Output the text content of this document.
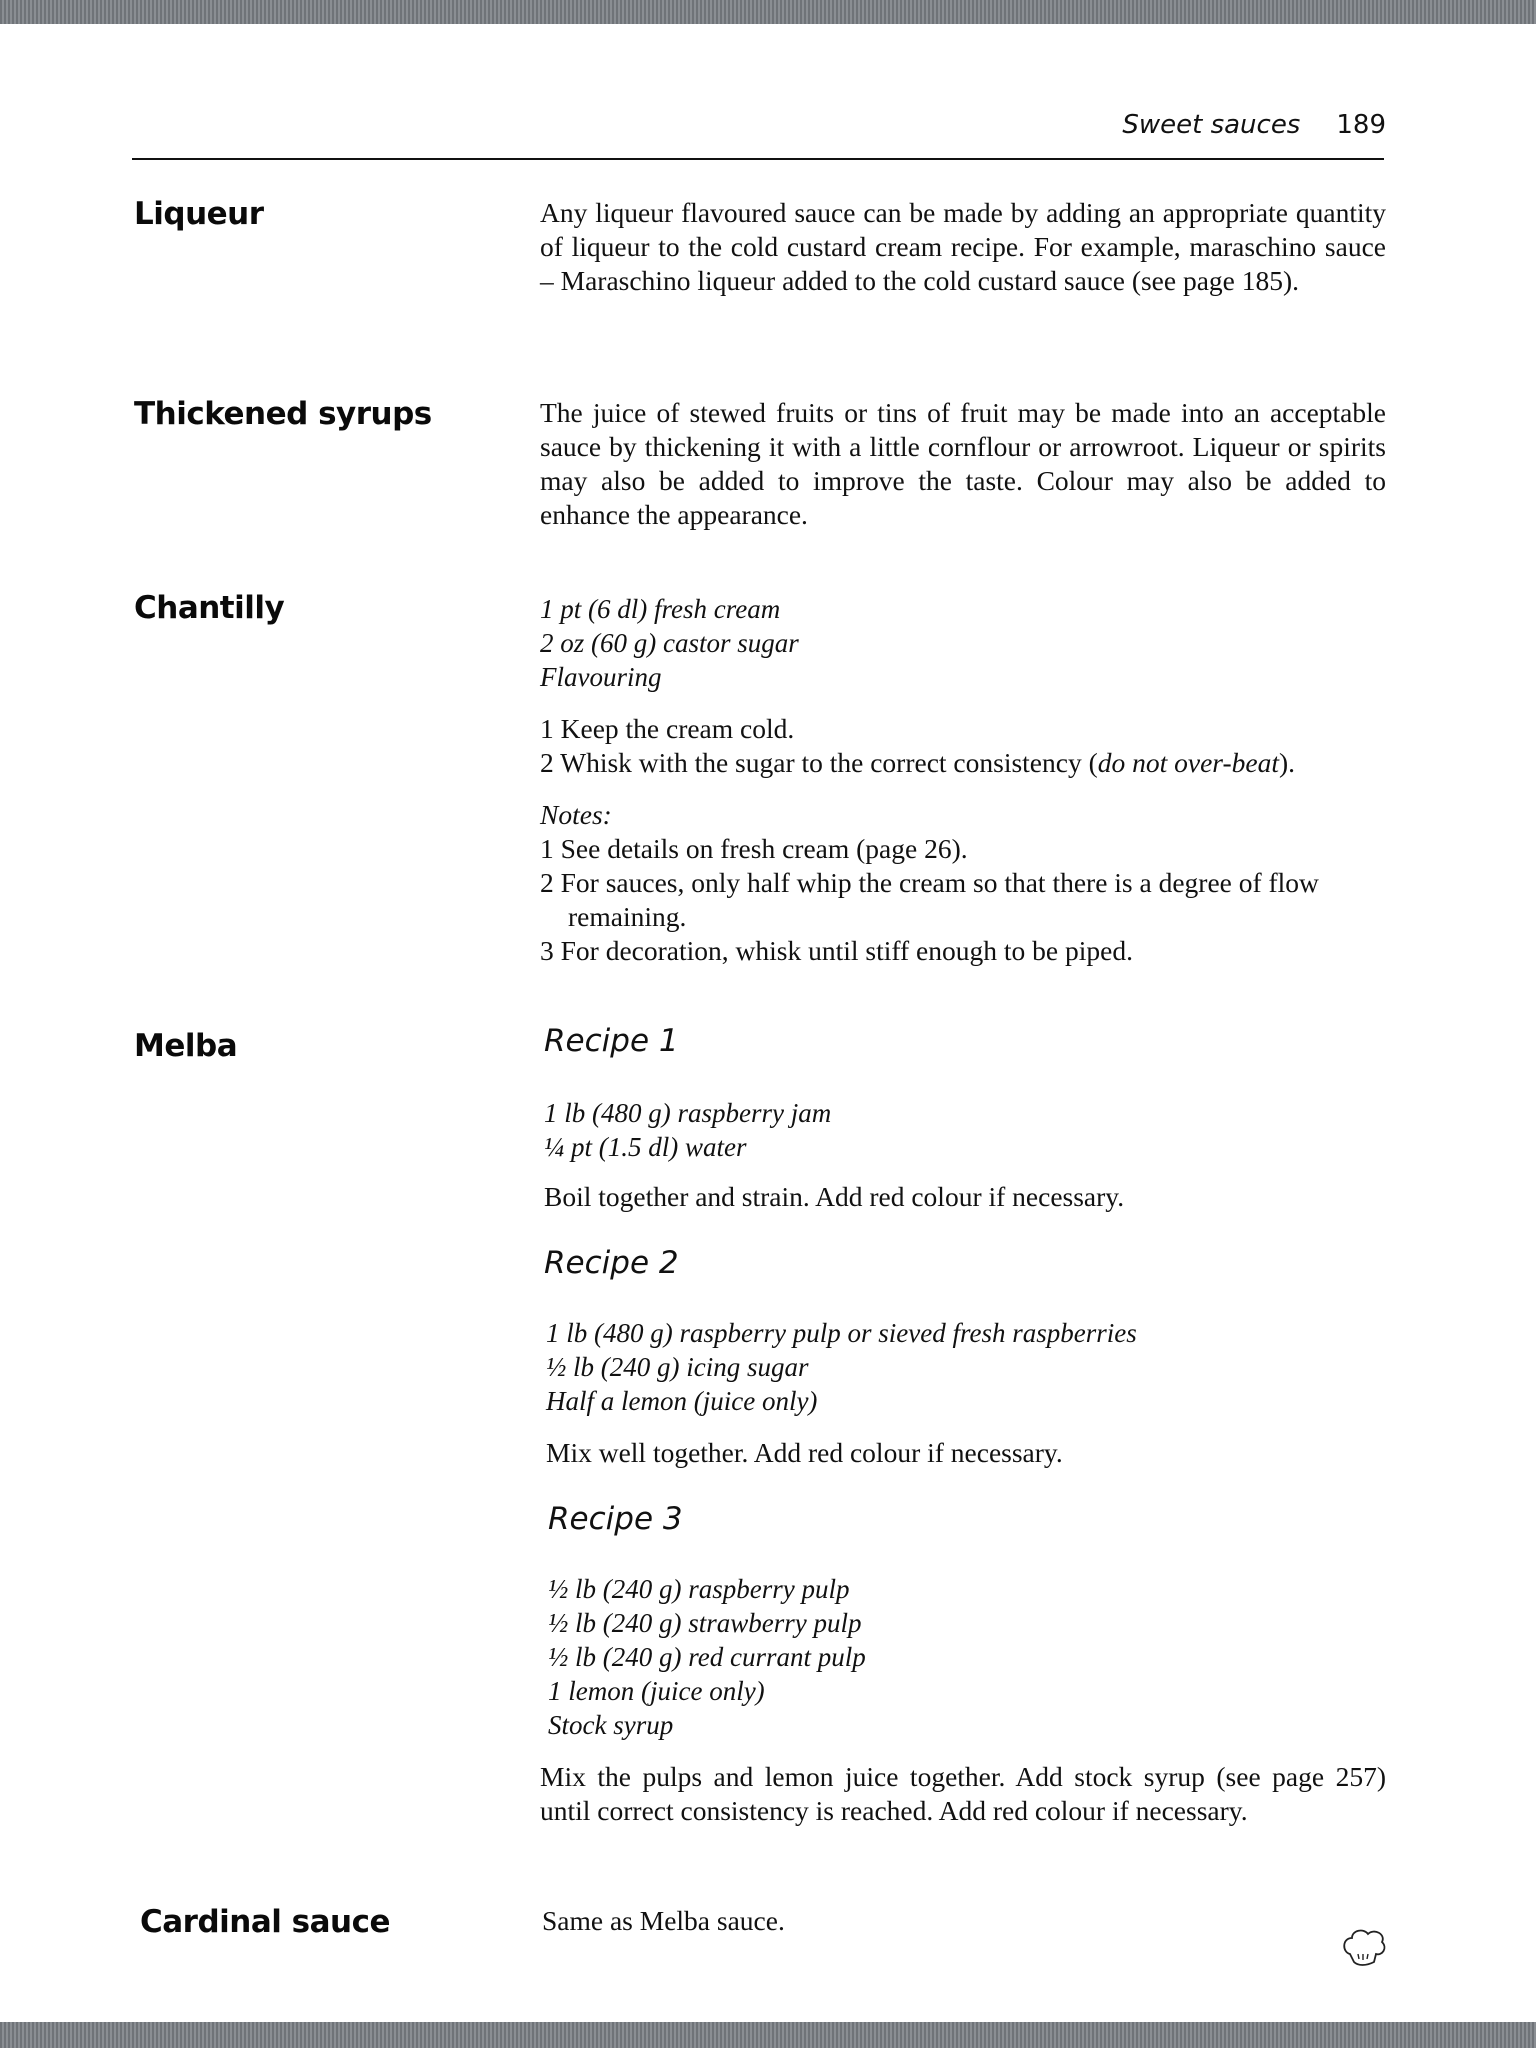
Sweet sauces 189
Liqueur	Any liqueur flavoured sauce can be made by adding an appropriate quantity of liqueur to the cold custard cream recipe. For example, maraschino sauce – Maraschino liqueur added to the cold custard sauce (see page 185).
Thickened syrups	The juice of stewed fruits or tins of fruit may be made into an acceptable sauce by thickening it with a little cornflour or arrowroot. Liqueur or spirits may also be added to improve the taste. Colour may also be added to enhance the appearance.
Chantilly	1 pt (6 dl) fresh cream

2 oz (60 g) castor sugar

Flavouring

1 Keep the cream cold.

2 Whisk with the sugar to the correct consistency (do not over-beat).

Notes:

1 See details on fresh cream (page 26).

2 For sauces, only half whip the cream so that there is a degree of flow remaining.

3 For decoration, whisk until stiff enough to be piped.

Melba	Recipe 1

1 lb (480 g) raspberry jam

¼ pt (1.5 dl) water

Boil together and strain. Add red colour if necessary.

Recipe 2

1 lb (480 g) raspberry pulp or sieved fresh raspberries

½ lb (240 g) icing sugar

Half a lemon (juice only)

Mix well together. Add red colour if necessary.

Recipe 3

½ lb (240 g) raspberry pulp

½ lb (240 g) strawberry pulp

½ lb (240 g) red currant pulp

1 lemon (juice only)

Stock syrup

Mix the pulps and lemon juice together. Add stock syrup (see page 257) until correct consistency is reached. Add red colour if necessary.
Cardinal sauce	Same as Melba sauce.
